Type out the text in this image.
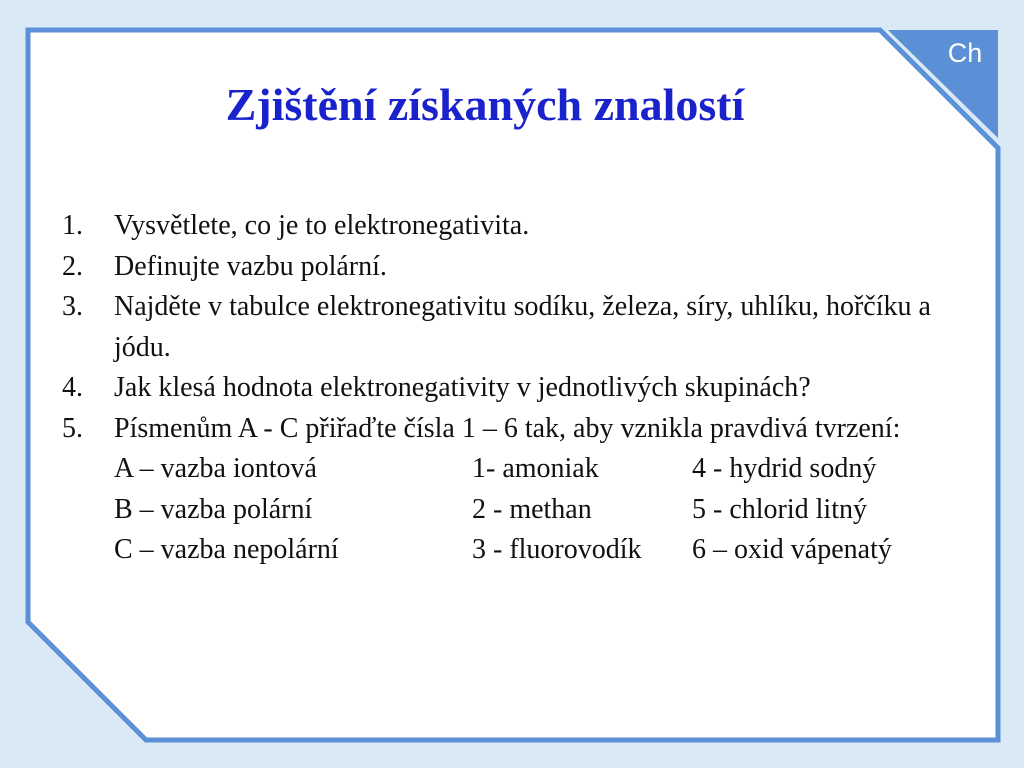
Ch
Zjištění získaných znalostí
1.	Vysvětlete, co je to elektronegativita.
2.	Definujte vazbu polární.
3.	Najděte v tabulce elektronegativitu sodíku, železa, síry, uhlíku, hořčíku a jódu.
4.	Jak klesá hodnota elektronegativity v jednotlivých skupinách?
5.	Písmenům A - C přiřaďte čísla 1 – 6 tak, aby vznikla pravdivá tvrzení:
A – vazba iontová	1- amoniak	4 - hydrid sodný
B – vazba polární	2 - methan	5 - chlorid litný
C – vazba nepolární	3 - fluorovodík	6 – oxid vápenatý
